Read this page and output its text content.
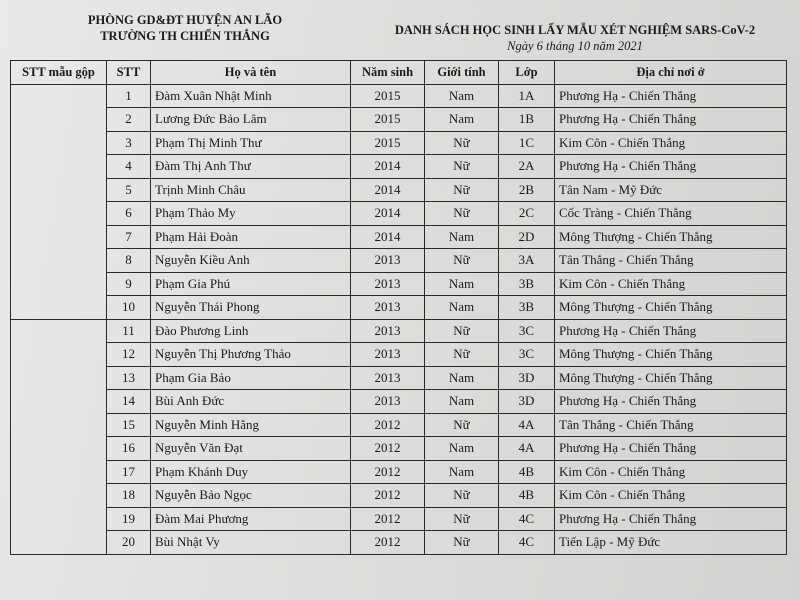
PHÒNG GD&ĐT HUYỆN AN LÃO
TRƯỜNG TH CHIẾN THẮNG	DANH SÁCH HỌC SINH LẤY MẪU XÉT NGHIỆM SARS-CoV-2
Ngày 6 tháng 10 năm 2021
STT mẫu gộp	STT	Họ và tên	Năm sinh	Giới tính	Lớp	Địa chỉ nơi ở
	1	Đàm Xuân Nhật Minh	2015	Nam	1A	Phương Hạ - Chiến Thắng
	2	Lương Đức Bảo Lâm	2015	Nam	1B	Phương Hạ - Chiến Thắng
	3	Phạm Thị Minh Thư	2015	Nữ	1C	Kim Côn - Chiến Thắng
	4	Đàm Thị Anh Thư	2014	Nữ	2A	Phương Hạ - Chiến Thắng
	5	Trịnh Minh Châu	2014	Nữ	2B	Tân Nam - Mỹ Đức
	6	Phạm Thảo My	2014	Nữ	2C	Cốc Tràng - Chiến Thắng
	7	Phạm Hải Đoàn	2014	Nam	2D	Mông Thượng - Chiến Thắng
	8	Nguyễn Kiều Anh	2013	Nữ	3A	Tân Thắng - Chiến Thắng
	9	Phạm Gia Phú	2013	Nam	3B	Kim Côn - Chiến Thắng
	10	Nguyễn Thái Phong	2013	Nam	3B	Mông Thượng - Chiến Thắng
	11	Đào Phương Linh	2013	Nữ	3C	Phương Hạ - Chiến Thắng
	12	Nguyễn Thị Phương Thảo	2013	Nữ	3C	Mông Thượng - Chiến Thắng
	13	Phạm Gia Bảo	2013	Nam	3D	Mông Thượng - Chiến Thắng
	14	Bùi Anh Đức	2013	Nam	3D	Phương Hạ - Chiến Thắng
	15	Nguyễn Minh Hằng	2012	Nữ	4A	Tân Thắng - Chiến Thắng
	16	Nguyễn Văn Đạt	2012	Nam	4A	Phương Hạ - Chiến Thắng
	17	Phạm Khánh Duy	2012	Nam	4B	Kim Côn - Chiến Thắng
	18	Nguyễn Bảo Ngọc	2012	Nữ	4B	Kim Côn - Chiến Thắng
	19	Đàm Mai Phương	2012	Nữ	4C	Phương Hạ - Chiến Thắng
	20	Bùi Nhật Vy	2012	Nữ	4C	Tiến Lập - Mỹ Đức
